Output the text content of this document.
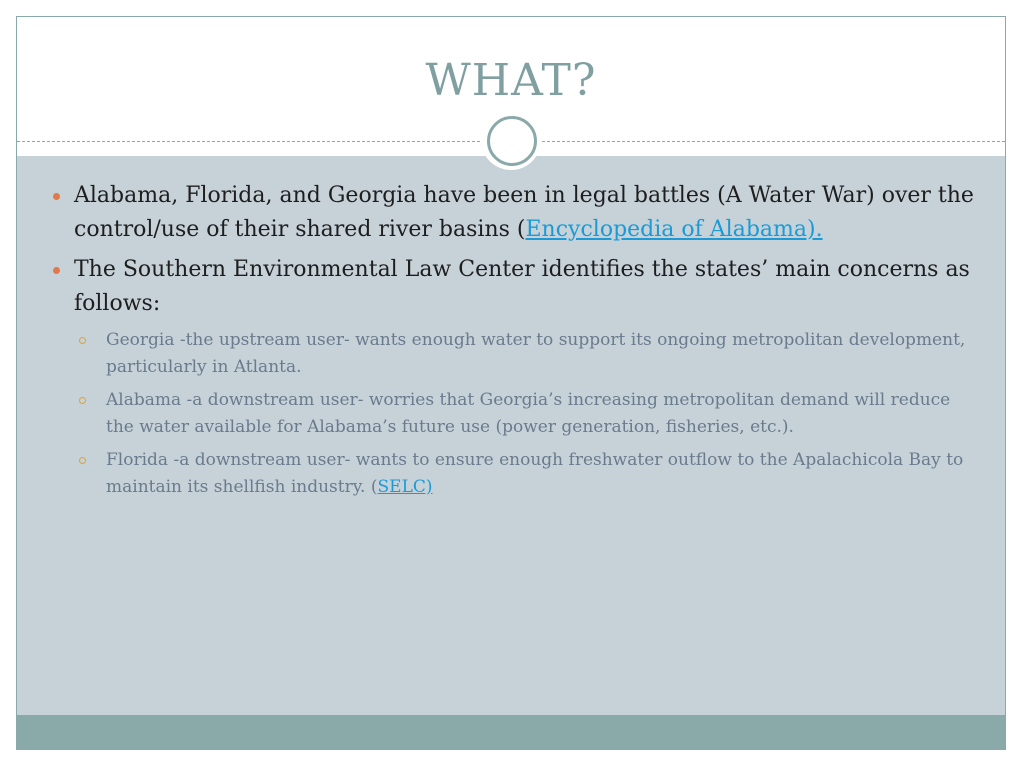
WHAT?
Alabama, Florida, and Georgia have been in legal battles (A Water War) over the control/use of their shared river basins (Encyclopedia of Alabama).
The Southern Environmental Law Center identifies the states’ main concerns as follows:
Georgia -the upstream user- wants enough water to support its ongoing metropolitan development, particularly in Atlanta.
Alabama -a downstream user- worries that Georgia’s increasing metropolitan demand will reduce the water available for Alabama’s future use (power generation, fisheries, etc.).
Florida -a downstream user- wants to ensure enough freshwater outflow to the Apalachicola Bay to maintain its shellfish industry. (SELC)
